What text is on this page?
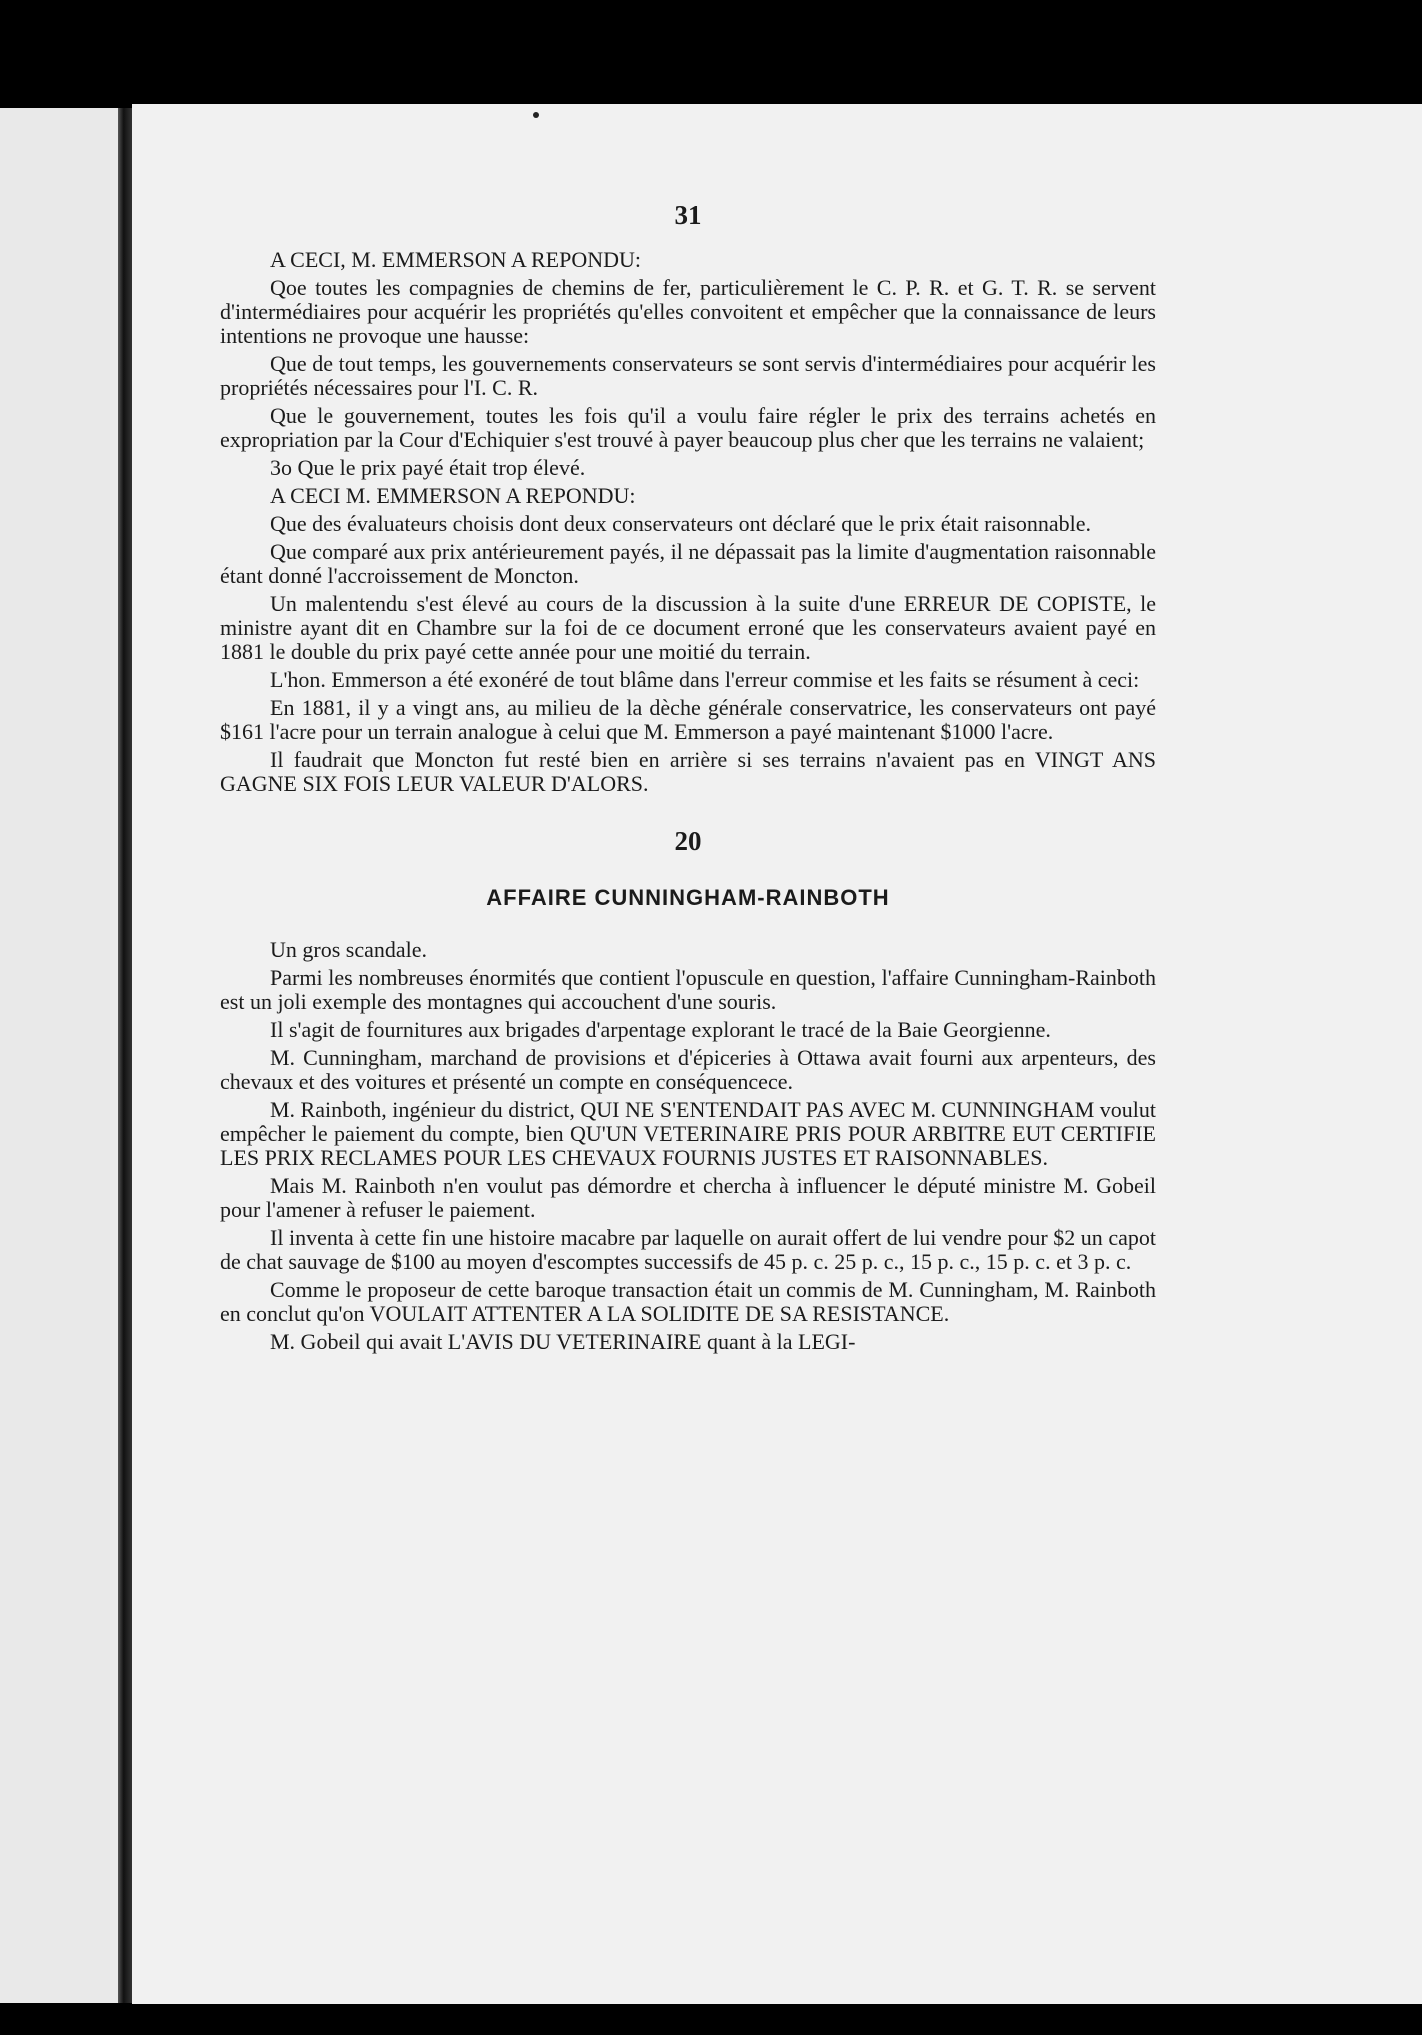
31

A CECI, M. EMMERSON A REPONDU:

Qoe toutes les compagnies de chemins de fer, particulièrement le C. P. R. et G. T. R. se servent d'intermédiaires pour acquérir les propriétés qu'elles convoitent et empêcher que la connaissance de leurs intentions ne provoque une hausse:

Que de tout temps, les gouvernements conservateurs se sont servis d'intermédiaires pour acquérir les propriétés nécessaires pour l'I. C. R.

Que le gouvernement, toutes les fois qu'il a voulu faire régler le prix des terrains achetés en expropriation par la Cour d'Echiquier s'est trouvé à payer beaucoup plus cher que les terrains ne valaient;

3o Que le prix payé était trop élevé.

A CECI M. EMMERSON A REPONDU:

Que des évaluateurs choisis dont deux conservateurs ont déclaré que le prix était raisonnable.

Que comparé aux prix antérieurement payés, il ne dépassait pas la limite d'augmentation raisonnable étant donné l'accroissement de Moncton.

Un malentendu s'est élevé au cours de la discussion à la suite d'une ERREUR DE COPISTE, le ministre ayant dit en Chambre sur la foi de ce document erroné que les conservateurs avaient payé en 1881 le double du prix payé cette année pour une moitié du terrain.

L'hon. Emmerson a été exonéré de tout blâme dans l'erreur commise et les faits se résument à ceci:

En 1881, il y a vingt ans, au milieu de la dèche générale conservatrice, les conservateurs ont payé $161 l'acre pour un terrain analogue à celui que M. Emmerson a payé maintenant $1000 l'acre.

Il faudrait que Moncton fut resté bien en arrière si ses terrains n'avaient pas en VINGT ANS GAGNE SIX FOIS LEUR VALEUR D'ALORS.

20
AFFAIRE CUNNINGHAM-RAINBOTH

Un gros scandale.

Parmi les nombreuses énormités que contient l'opuscule en question, l'affaire Cunningham-Rainboth est un joli exemple des montagnes qui accouchent d'une souris.

Il s'agit de fournitures aux brigades d'arpentage explorant le tracé de la Baie Georgienne.

M. Cunningham, marchand de provisions et d'épiceries à Ottawa avait fourni aux arpenteurs, des chevaux et des voitures et présenté un compte en conséquencece.

M. Rainboth, ingénieur du district, QUI NE S'ENTENDAIT PAS AVEC M. CUNNINGHAM voulut empêcher le paiement du compte, bien QU'UN VETERINAIRE PRIS POUR ARBITRE EUT CERTIFIE LES PRIX RECLAMES POUR LES CHEVAUX FOURNIS JUSTES ET RAISONNABLES.

Mais M. Rainboth n'en voulut pas démordre et chercha à influencer le député ministre M. Gobeil pour l'amener à refuser le paiement.

Il inventa à cette fin une histoire macabre par laquelle on aurait offert de lui vendre pour $2 un capot de chat sauvage de $100 au moyen d'escomptes successifs de 45 p. c. 25 p. c., 15 p. c., 15 p. c. et 3 p. c.

Comme le proposeur de cette baroque transaction était un commis de M. Cunningham, M. Rainboth en conclut qu'on VOULAIT ATTENTER A LA SOLIDITE DE SA RESISTANCE.

M. Gobeil qui avait L'AVIS DU VETERINAIRE quant à la LEGI-
